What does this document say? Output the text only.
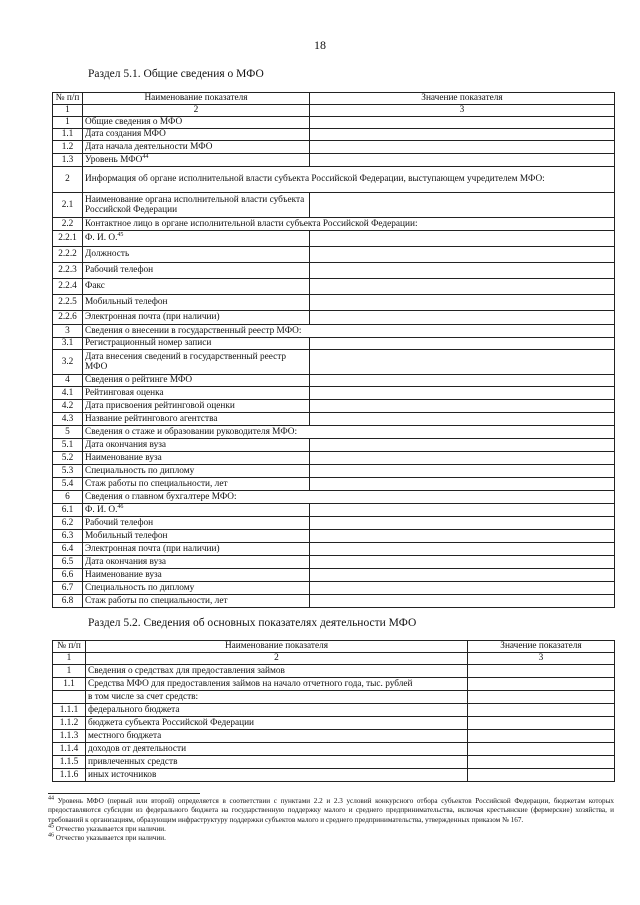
18
Раздел 5.1. Общие сведения о МФО
№ п/п	Наименование показателя	Значение показателя
1	2	3
1	Общие сведения о МФО	
1.1	Дата создания МФО	
1.2	Дата начала деятельности МФО	
1.3	Уровень МФО$^{44}$	
2	Информация об органе исполнительной власти субъекта Российской Федерации, выступающем учредителем МФО:	
2.1	Наименование органа исполнительной власти субъекта Российской Федерации	
2.2	Контактное лицо в органе исполнительной власти субъекта Российской Федерации:	
2.2.1	Ф. И. О.$^{45}$	
2.2.2	Должность	
2.2.3	Рабочий телефон	
2.2.4	Факс	
2.2.5	Мобильный телефон	
2.2.6	Электронная почта (при наличии)	
3	Сведения о внесении в государственный реестр МФО:	
3.1	Регистрационный номер записи	
3.2	Дата внесения сведений в государственный реестр МФО	
4	Сведения о рейтинге МФО	
4.1	Рейтинговая оценка	
4.2	Дата присвоения рейтинговой оценки	
4.3	Название рейтингового агентства	
5	Сведения о стаже и образовании руководителя МФО:	
5.1	Дата окончания вуза	
5.2	Наименование вуза	
5.3	Специальность по диплому	
5.4	Стаж работы по специальности, лет	
6	Сведения о главном бухгалтере МФО:	
6.1	Ф. И. О.$^{46}$	
6.2	Рабочий телефон	
6.3	Мобильный телефон	
6.4	Электронная почта (при наличии)	
6.5	Дата окончания вуза	
6.6	Наименование вуза	
6.7	Специальность по диплому	
6.8	Стаж работы по специальности, лет	
Раздел 5.2. Сведения об основных показателях деятельности МФО
№ п/п	Наименование показателя	Значение показателя
1	2	3
1	Сведения о средствах для предоставления займов	
1.1	Средства МФО для предоставления займов на начало отчетного года, тыс. рублей	
	в том числе за счет средств:	
1.1.1	федерального бюджета	
1.1.2	бюджета субъекта Российской Федерации	
1.1.3	местного бюджета	
1.1.4	доходов от деятельности	
1.1.5	привлеченных средств	
1.1.6	иных источников	

$^{44}$ Уровень МФО (первый или второй) определяется в соответствии с пунктами 2.2 и 2.3 условий конкурсного отбора субъектов Российской Федерации, бюджетам которых предоставляются субсидии из федерального бюджета на государственную поддержку малого и среднего предпринимательства, включая крестьянские (фермерские) хозяйства, и требований к организациям, образующим инфраструктуру поддержки субъектов малого и среднего предпринимательства, утвержденных приказом № 167.

$^{45}$ Отчество указывается при наличии.

$^{46}$ Отчество указывается при наличии.
